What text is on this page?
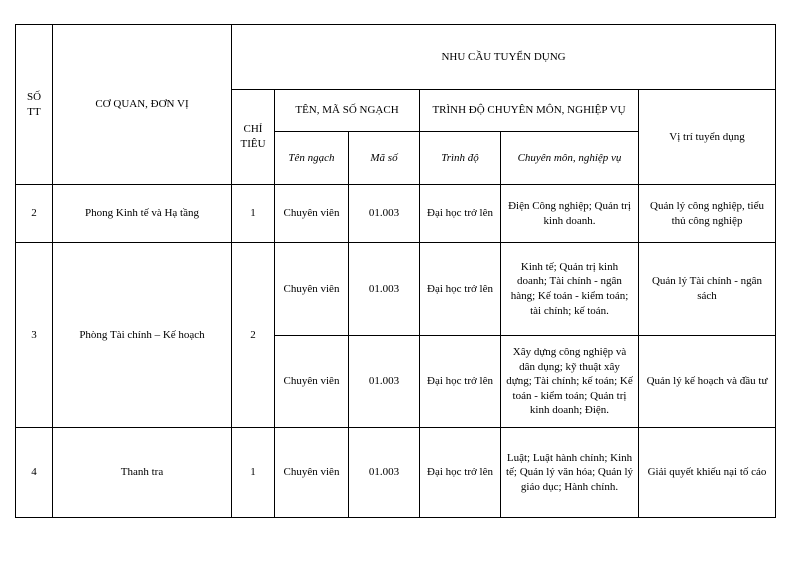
SỐ TT	CƠ QUAN, ĐƠN VỊ	NHU CẦU TUYỂN DỤNG					
		CHỈ TIÊU	TÊN, MÃ SỐ NGẠCH		TRÌNH ĐỘ CHUYÊN MÔN, NGHIỆP VỤ		Vị trí tuyển dụng
			Tên ngạch	Mã số	Trình độ	Chuyên môn, nghiệp vụ	
2	Phong Kinh tế và Hạ tầng	1	Chuyên viên	01.003	Đại học trở lên	Điện Công nghiệp; Quản trị kinh doanh.	Quản lý công nghiệp, tiểu thủ công nghiệp
3	Phòng Tài chính – Kế hoạch	2	Chuyên viên	01.003	Đại học trở lên	Kinh tế; Quản trị kinh doanh; Tài chính - ngân hàng; Kế toán - kiểm toán; tài chính; kế toán.	Quản lý Tài chính - ngân sách
			Chuyên viên	01.003	Đại học trở lên	Xây dựng công nghiệp và dân dụng; kỹ thuật xây dựng; Tài chính; kế toán; Kế toán - kiểm toán; Quản trị kinh doanh; Điện.	Quản lý kế hoạch và đầu tư
4	Thanh tra	1	Chuyên viên	01.003	Đại học trở lên	Luật; Luật hành chính; Kinh tế; Quản lý văn hóa; Quản lý giáo dục; Hành chính.	Giải quyết khiếu nại tố cáo
